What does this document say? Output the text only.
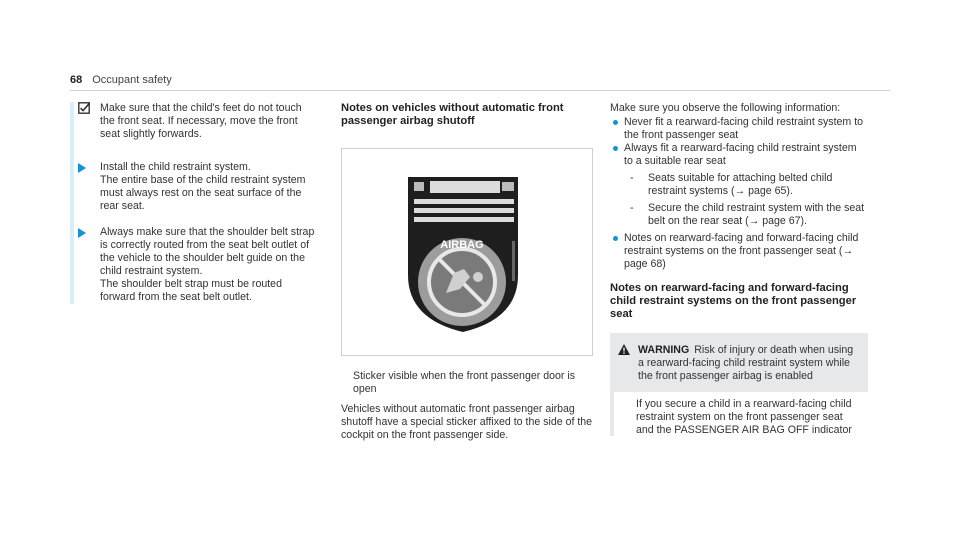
68 Occupant safety
Make sure that the child's feet do not touch the front seat. If necessary, move the front seat slightly forwards.
Install the child restraint system.
The entire base of the child restraint system must always rest on the seat surface of the rear seat.
Always make sure that the shoulder belt strap is correctly routed from the seat belt outlet of the vehicle to the shoulder belt guide on the child restraint system.
The shoulder belt strap must be routed forward from the seat belt outlet.
Notes on vehicles without automatic front passenger airbag shutoff
AIRBAG
Sticker visible when the front passenger door is open
Vehicles without automatic front passenger airbag shutoff have a special sticker affixed to the side of the cockpit on the front passenger side.
Make sure you observe the following information:
Never fit a rearward-facing child restraint system to the front passenger seat
Always fit a rearward-facing child restraint system to a suitable rear seat
- Seats suitable for attaching belted child restraint systems (→ page 65).
- Secure the child restraint system with the seat belt on the rear seat (→ page 67).
Notes on rearward-facing and forward-facing child restraint systems on the front passenger seat (→ page 68)
Notes on rearward-facing and forward-facing child restraint systems on the front passenger seat
WARNING Risk of injury or death when using a rearward-facing child restraint system while the front passenger airbag is enabled
If you secure a child in a rearward-facing child restraint system on the front passenger seat and the PASSENGER AIR BAG OFF indicator
